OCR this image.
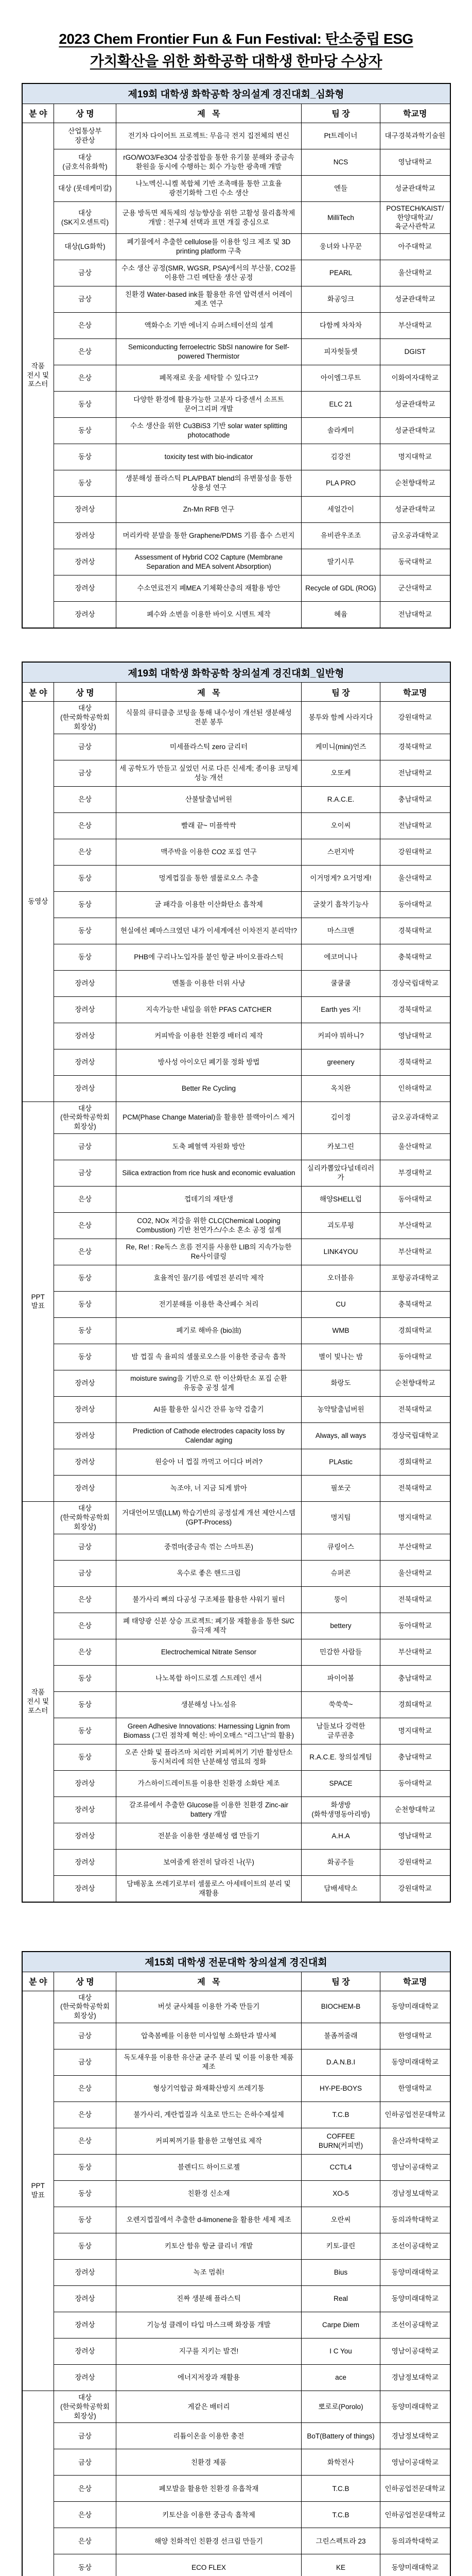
2023 Chem Frontier Fun & Fun Festival: 탄소중립 ESG
가치확산을 위한 화학공학 대학생 한마당 수상자
제19회 대학생 화학공학 창의설계 경진대회_심화형				
분 야	상 명	제   목	팀 장	학교명
작품 전시 및 포스터	산업통상부 장관상	전기차 다이어트 프로젝트: 무음극 전지 집전체의 변신	Pt트레이너	대구경북과학기술원
	대상 (금호석유화학)	rGO/WO3/Fe3O4 삼중접합을 통한 유기물 분해와 중금속 환원을 동시에 수행하는 회수 가능한 광촉매 개발	NCS	영남대학교
	대상 (롯데케미칼)	나노멕신-니켈 복합체 기반 조촉매를 통한 고효율 광전기화학 그린 수소 생산	엔들	성균관대학교
	대상 (SK지오센트릭)	군용 방독면 제독제의 성능향상을 위한 고활성 물리흡착제 개발 : 전구체 선택과 표면 개질 중심으로	MilliTech	POSTECH/KAIST/한양대학교/육군사관학교
	대상(LG화학)	폐기물에서 추출한 cellulose를 이용한 잉크 제조 및 3D printing platform 구축	웅녀와 나무꾼	아주대학교
	금상	수소 생산 공정(SMR, WGSR, PSA)에서의 부산물, CO2를 이용한 그린 메탄올 생산 공정	PEARL	울산대학교
	금상	친환경 Water-based ink를 활용한 유연 압력센서 어레이 제조 연구	화공잉크	성균관대학교
	은상	액화수소 기반 에너지 슈퍼스테이션의 설계	다함께 차차차	부산대학교
	은상	Semiconducting ferroelectric SbSI nanowire for Self-powered Thermistor	피자헛둘셋	DGIST
	은상	폐목재로 옷을 세탁할 수 있다고?	아이엠그루트	이화여자대학교
	동상	다양한 환경에 활용가능한 고분자 다중센서 소프트 문어그리퍼 개발	ELC 21	성균관대학교
	동상	수소 생산을 위한 Cu3BiS3 기반 solar water splitting photocathode	솔라케미	성균관대학교
	동상	toxicity test with bio-indicator	김강전	명지대학교
	동상	생분해성 플라스틱 PLA/PBAT blend의 유변물성을 통한 상용성 연구	PLA PRO	순천향대학교
	장려상	Zn-Mn RFB 연구	세얼간이	성균관대학교
	장려상	머리카락 분말을 통한 Graphene/PDMS 기름 흡수 스펀지	유비관우조조	금오공과대학교
	장려상	Assessment of Hybrid CO2 Capture (Membrane Separation and MEA solvent Absorption)	딸기시루	동국대학교
	장려상	수소연료전지 폐MEA 기체확산층의 재활용 방안	Recycle of GDL (ROG)	군산대학교
	장려상	폐수와 소변을 이용한 바이오 시멘트 제작	혜윰	전남대학교
제19회 대학생 화학공학 창의설계 경진대회_일반형				
분 야	상 명	제   목	팀 장	학교명
동영상	대상 (한국화학공학회회장상)	식물의 큐티클층 코팅을 통해 내수성이 개선된 생분해성 전분 봉투	봉투와 함께 사라지다	강원대학교
	금상	미세플라스틱 zero 글리터	케미니(mini)언즈	경북대학교
	금상	세 공학도가 만들고 싶었던 서로 다른 신세계; 종이용 코팅제 성능 개선	오또케	전남대학교
	은상	산불탈출넘버원	R.A.C.E.	충남대학교
	은상	빨래 끝~ 미플싹싹	오이씨	전남대학교
	은상	맥주박을 이용한 CO2 포집 연구	스펀지박	강원대학교
	동상	멍게껍질을 통한 셀룰로오스 추출	이거멍게? 요거멍게!	울산대학교
	동상	굴 패각을 이용한 이산화탄소 흡착제	굴찾기 흡착기능사	동아대학교
	동상	현실에선 폐마스크였던 내가 이세계에선 이차전지 분리막!?	마스크맨	경북대학교
	동상	PHB에 구리나노입자를 붙인 항균 바이오플라스틱	에코머니나	충북대학교
	장려상	멘톨을 이용한 더위 사냥	쿨쿨쿨	경상국립대학교
	장려상	지속가능한 내일을 위한 PFAS CATCHER	Earth yes 지!	경북대학교
	장려상	커피박을 이용한 친환경 배터리 제작	커피야 뭐하니?	영남대학교
	장려상	방사성 아이오딘 폐기물 정화 방법	greenery	경북대학교
	장려상	Better Re Cycling	옥치완	인하대학교
PPT 발표	대상 (한국화학공학회회장상)	PCM(Phase Change Material)을 활용한 블랙아이스 제거	김이정	금오공과대학교
	금상	도축 폐혈액 자원화 방안	카보그린	울산대학교
	금상	Silica extraction from rice husk and economic evaluation	실리카뽑았다널데리러가	부경대학교
	은상	껍데기의 재탄생	해양SHELL럽	동아대학교
	은상	CO2, NOx 저감을 위한 CLC(Chemical Looping Combustion) 기반 천연가스/수소 혼소 공정 설계	괴도루핑	부산대학교
	은상	Re, Re! : Re독스 흐름 전지를 사용한 LIB의 지속가능한 Re사이클링	LINK4YOU	부산대학교
	동상	효율적인 물/기름 에멀전 분리막 제작	오더블유	포항공과대학교
	동상	전기분해를 이용한 축산폐수 처리	CU	충북대학교
	동상	폐기로 해바유 (bio油)	WMB	경희대학교
	동상	밤 껍질 속 율피의 셀룰로오스를 이용한 중금속 흡착	별이 빛나는 밤	동아대학교
	장려상	moisture swing을 기반으로 한 이산화탄소 포집 순환 유동층 공정 설계	화랑도	순천향대학교
	장려상	AI를 활용한 실시간 잔류 농약 검출기	농약탈출넘버원	전북대학교
	장려상	Prediction of Cathode electrodes capacity loss by Calendar aging	Always, all ways	경상국립대학교
	장려상	원숭아 너 껍질 까먹고 어디다 버려?	PLAstic	경희대학교
	장려상	녹조야, 너 지금 되게 밝아	필쏘굿	전북대학교
작품 전시 및 포스터	대상 (한국화학공학회회장상)	거대언어모델(LLM) 학습기반의 공정설계 개선 제안시스템(GPT-Process)	명지팀	명지대학교
	금상	중꺾마(중금속 꺾는 스마트폰)	큐링어스	부산대학교
	금상	옥수로 좋은 핸드크림	슈퍼콘	울산대학교
	은상	불가사리 뼈의 다공성 구조체를 활용한 샤워기 필터	뚱이	전북대학교
	은상	폐 태양광 신분 상승 프로젝트: 폐기물 재활용을 통한 Si/C 음극재 제작	bettery	동아대학교
	은상	Electrochemical Nitrate Sensor	민감한 사람들	부산대학교
	동상	나노복합 하이드로겔 스트레인 센서	파이어볼	충남대학교
	동상	생분해성 나노섬유	쑥쑥쑥~	경희대학교
	동상	Green Adhesive Innovations: Harnessing Lignin from Biomass (그린 점착제 혁신: 바이오매스 "리그닌"의 활용)	남들보다 강력한 글루권총	명지대학교
	동상	오존 산화 및 플라즈마 처리한 커피찌꺼기 기반 활성탄소 동시처리에 의한 난분해성 염료의 정화	R.A.C.E. 창의설계팀	충남대학교
	장려상	가스하이드레이트를 이용한 친환경 소화탄 제조	SPACE	동아대학교
	장려상	갈조류에서 추출한 Glucose를 이용한 친환경 Zinc-air battery 개발	화생방(화학생명동아리방)	순천향대학교
	장려상	전분을 이용한 생분해성 랩 만들기	A.H.A	영남대학교
	장려상	보여줄게 완전히 달라진 나(무)	화공주들	강원대학교
	장려상	담배꽁초 쓰레기로부터 셀룰로스 아세테이트의 분리 및 재활용	담배세탁소	강원대학교
제15회 대학생 전문대학 창의설계 경진대회				
분 야	상 명	제   목	팀 장	학교명
PPT 발표	대상 (한국화학공학회 회장상)	버섯 균사체를 이용한 가죽 만들기	BIOCHEM-B	동양미래대학교
	금상	압축봄베를 이용한 미사일형 소화탄과 발사체	불좀꺼줄래	한영대학교
	금상	독도새우를 이용한 유산균 균주 분리 및 이를 이용한 제품 제조	D.A.N.B.I	동양미래대학교
	은상	형상기억합금 화재확산방지 쓰레기통	HY-PE-BOYS	한영대학교
	은상	불가사리, 계란껍질과 식초로 만드는 은하수제설제	T.C.B	인하공업전문대학교
	은상	커피찌꺼기를 활용한 고형연료 제작	COFFEE BURN(커피번)	울산과학대학교
	동상	블렌디드 하이드로젤	CCTL4	영남이공대학교
	동상	친환경 신소재	XO-5	경남정보대학교
	동상	오렌지껍질에서 추출한 d-limonene을 활용한 세제 제조	오란씨	동의과학대학교
	동상	키토산 함유 항균 클리너 개발	키토-클린	조선이공대학교
	장려상	녹조 멈춰!	Bius	동양미래대학교
	장려상	진짜 생분해 플라스틱	Real	동양미래대학교
	장려상	기능성 클레이 타입 마스크팩 화장품 개발	Carpe Diem	조선이공대학교
	장려상	지구를 지키는 발견!	I C You	영남이공대학교
	장려상	에너지저장과 재활용	ace	경남정보대학교
	대상 (한국화학공학회 회장상)	게같은 배터리	뽀로로(Porolo)	동양미래대학교
	금상	리튬이온을 이용한 충전	BoT(Battery of things)	경남정보대학교
	금상	친환경 제품	화학전사	영남이공대학교
	은상	폐모발을 활용한 친환경 유흡착재	T.C.B	인하공업전문대학교
	은상	키토산을 이용한 중금속 흡착제	T.C.B	인하공업전문대학교
	은상	해양 친화적인 친환경 선크림 만들기	그린스펙트라 23	동의과학대학교
	동상	ECO FLEX	KE	동양미래대학교
